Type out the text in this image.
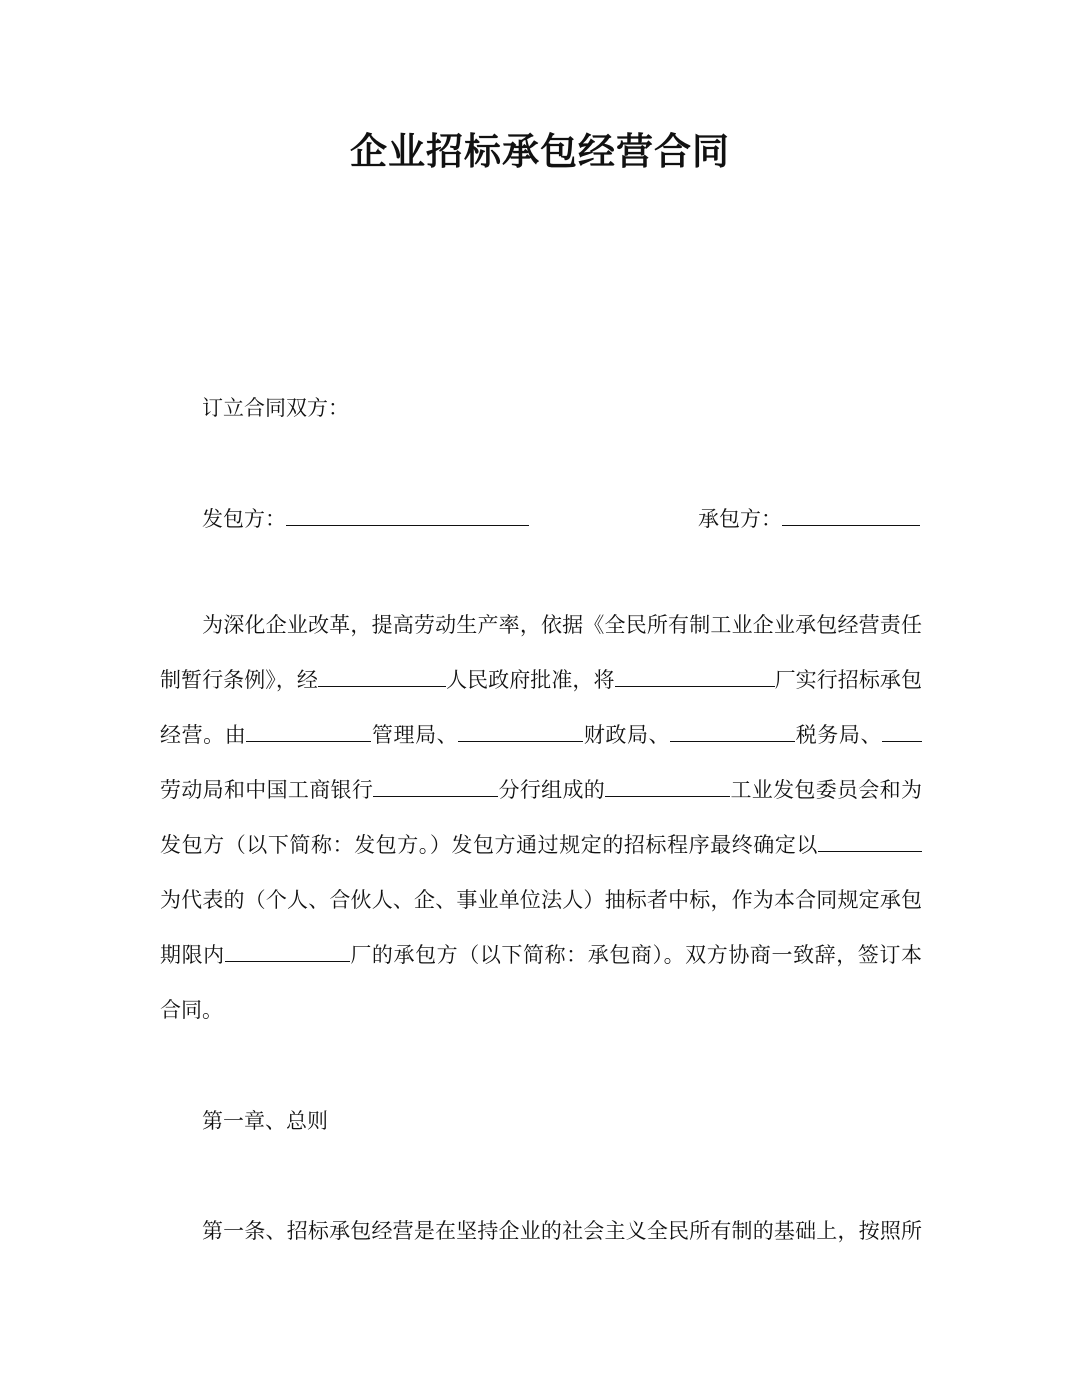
企业招标承包经营合同
订立合同双方：
发包方：	承包方：
为深化企业改革，提高劳动生产率，依据《全民所有制工业企业承包经营责任
制暂行条例》，经	人民政府批准，将	厂实行招标承包
经营。由	管理局、	财政局、	税务局、
劳动局和中国工商银行	分行组成的	工业发包委员会和为
发包方（以下简称：发包方。）发包方通过规定的招标程序最终确定以
为代表的（个人、合伙人、企、事业单位法人）抽标者中标，作为本合同规定承包
期限内	厂的承包方（以下简称：承包商）。双方协商一致辞，签订本
合同。
第一章、总则
第一条、招标承包经营是在坚持企业的社会主义全民所有制的基础上，按照所
